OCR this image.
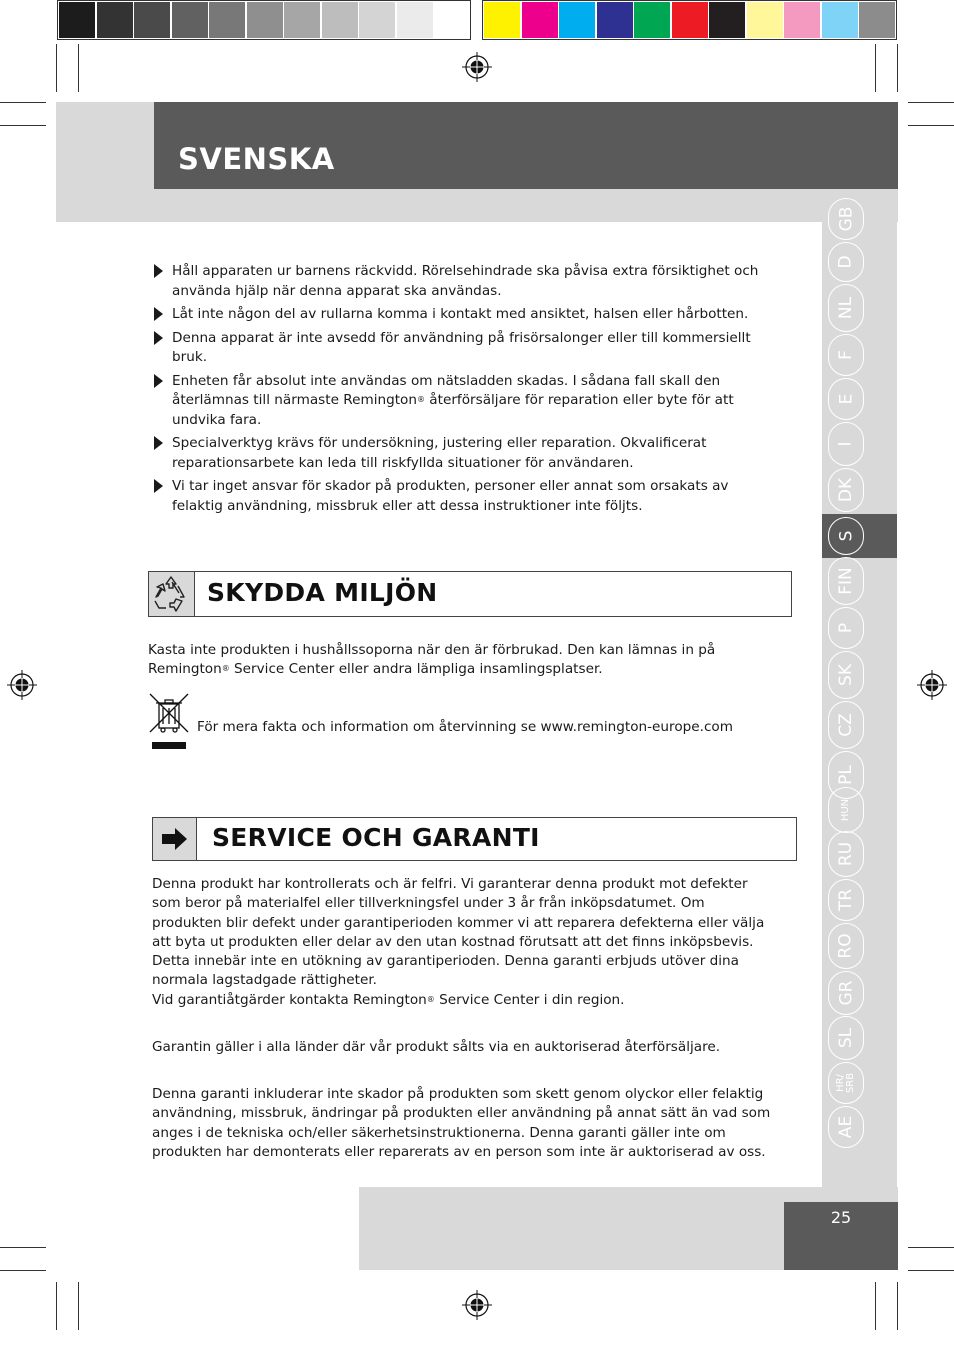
SVENSKA
GB
D
NL
F
E
I
DK
S
FIN
P
SK
CZ
PL
HUN
RU
TR
RO
GR
SL
HR/
SRB
AE
Håll apparaten ur barnens räckvidd. Rörelsehindrade ska påvisa extra försiktighet och använda hjälp när denna apparat ska användas.
Låt inte någon del av rullarna komma i kontakt med ansiktet, halsen eller hårbotten.
Denna apparat är inte avsedd för användning på frisörsalonger eller till kommersiellt bruk.
Enheten får absolut inte användas om nätsladden skadas. I sådana fall skall den återlämnas till närmaste Remington® återförsäljare för reparation eller byte för att undvika fara.
Specialverktyg krävs för undersökning, justering eller reparation. Okvalificerat reparationsarbete kan leda till riskfyllda situationer för användaren.
Vi tar inget ansvar för skador på produkten, personer eller annat som orsakats av felaktig användning, missbruk eller att dessa instruktioner inte följts.
SKYDDA MILJÖN
Kasta inte produkten i hushållssoporna när den är förbrukad. Den kan lämnas in på
Remington® Service Center eller andra lämpliga insamlingsplatser.
För mera fakta och information om återvinning se www.remington-europe.com
SERVICE OCH GARANTI
Denna produkt har kontrollerats och är felfri. Vi garanterar denna produkt mot defekter
som beror på materialfel eller tillverkningsfel under 3 år från inköpsdatumet. Om
produkten blir defekt under garantiperioden kommer vi att reparera defekterna eller välja
att byta ut produkten eller delar av den utan kostnad förutsatt att det finns inköpsbevis.
Detta innebär inte en utökning av garantiperioden. Denna garanti erbjuds utöver dina
normala lagstadgade rättigheter.
Vid garantiåtgärder kontakta Remington® Service Center i din region.
Garantin gäller i alla länder där vår produkt sålts via en auktoriserad återförsäljare.
Denna garanti inkluderar inte skador på produkten som skett genom olyckor eller felaktig
användning, missbruk, ändringar på produkten eller användning på annat sätt än vad som
anges i de tekniska och/eller säkerhetsinstruktionerna. Denna garanti gäller inte om
produkten har demonterats eller reparerats av en person som inte är auktoriserad av oss.
25
